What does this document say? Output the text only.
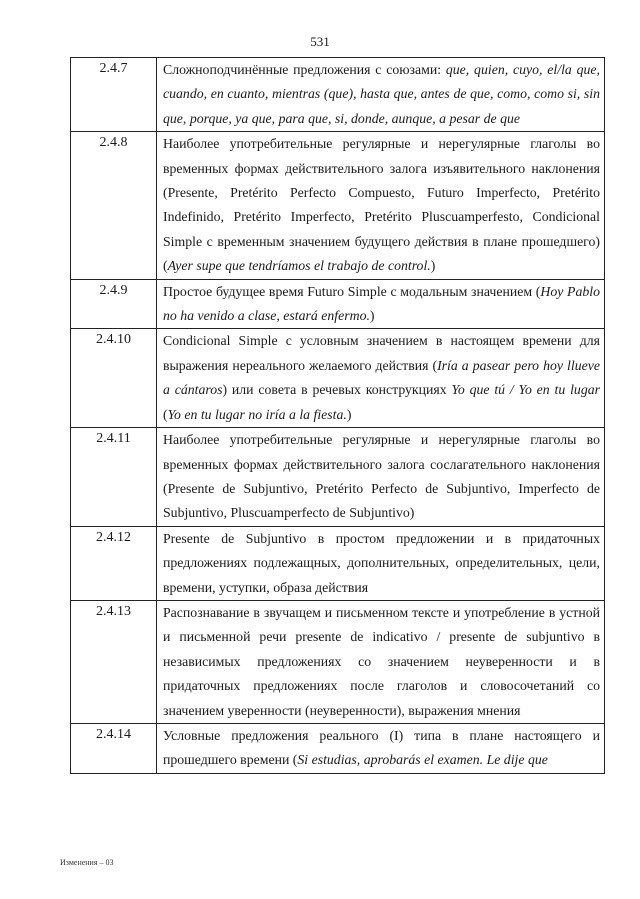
531
2.4.7	Сложноподчинённые предложения с союзами: que, quien, cuyo, el/la que, cuando, en cuanto, mientras (que), hasta que, antes de que, como, como si, sin que, porque, ya que, para que, si, donde, aunque, a pesar de que
2.4.8	Наиболее употребительные регулярные и нерегулярные глаголы во временных формах действительного залога изъявительного наклонения (Presente, Pretérito Perfecto Compuesto, Futuro Imperfecto, Pretérito Indefinido, Pretérito Imperfecto, Pretérito Pluscuamperfesto, Condicional Simple с временным значением будущего действия в плане прошедшего) (Ayer supe que tendríamos el trabajo de control.)
2.4.9	Простое будущее время Futuro Simple с модальным значением (Hoy Pablo no ha venido a clase, estará enfermo.)
2.4.10	Condicional Simple с условным значением в настоящем времени для выражения нереального желаемого действия (Iría a pasear pero hoy llueve a cántaros) или совета в речевых конструкциях Yo que tú / Yo en tu lugar (Yo en tu lugar no iría a la fiesta.)
2.4.11	Наиболее употребительные регулярные и нерегулярные глаголы во временных формах действительного залога сослагательного наклонения (Presente de Subjuntivo, Pretérito Perfecto de Subjuntivo, Imperfecto de Subjuntivo, Pluscuamperfecto de Subjuntivo)
2.4.12	Presente de Subjuntivo в простом предложении и в придаточных предложениях подлежащных, дополнительных, определительных, цели, времени, уступки, образа действия
2.4.13	Распознавание в звучащем и письменном тексте и употребление в устной и письменной речи presente de indicativo / presente de subjuntivo в независимых предложениях со значением неуверенности и в придаточных предложениях после глаголов и словосочетаний со значением уверенности (неуверенности), выражения мнения
2.4.14	Условные предложения реального (I) типа в плане настоящего и прошедшего времени (Si estudias, aprobarás el examen. Le dije que
Изменения – 03
